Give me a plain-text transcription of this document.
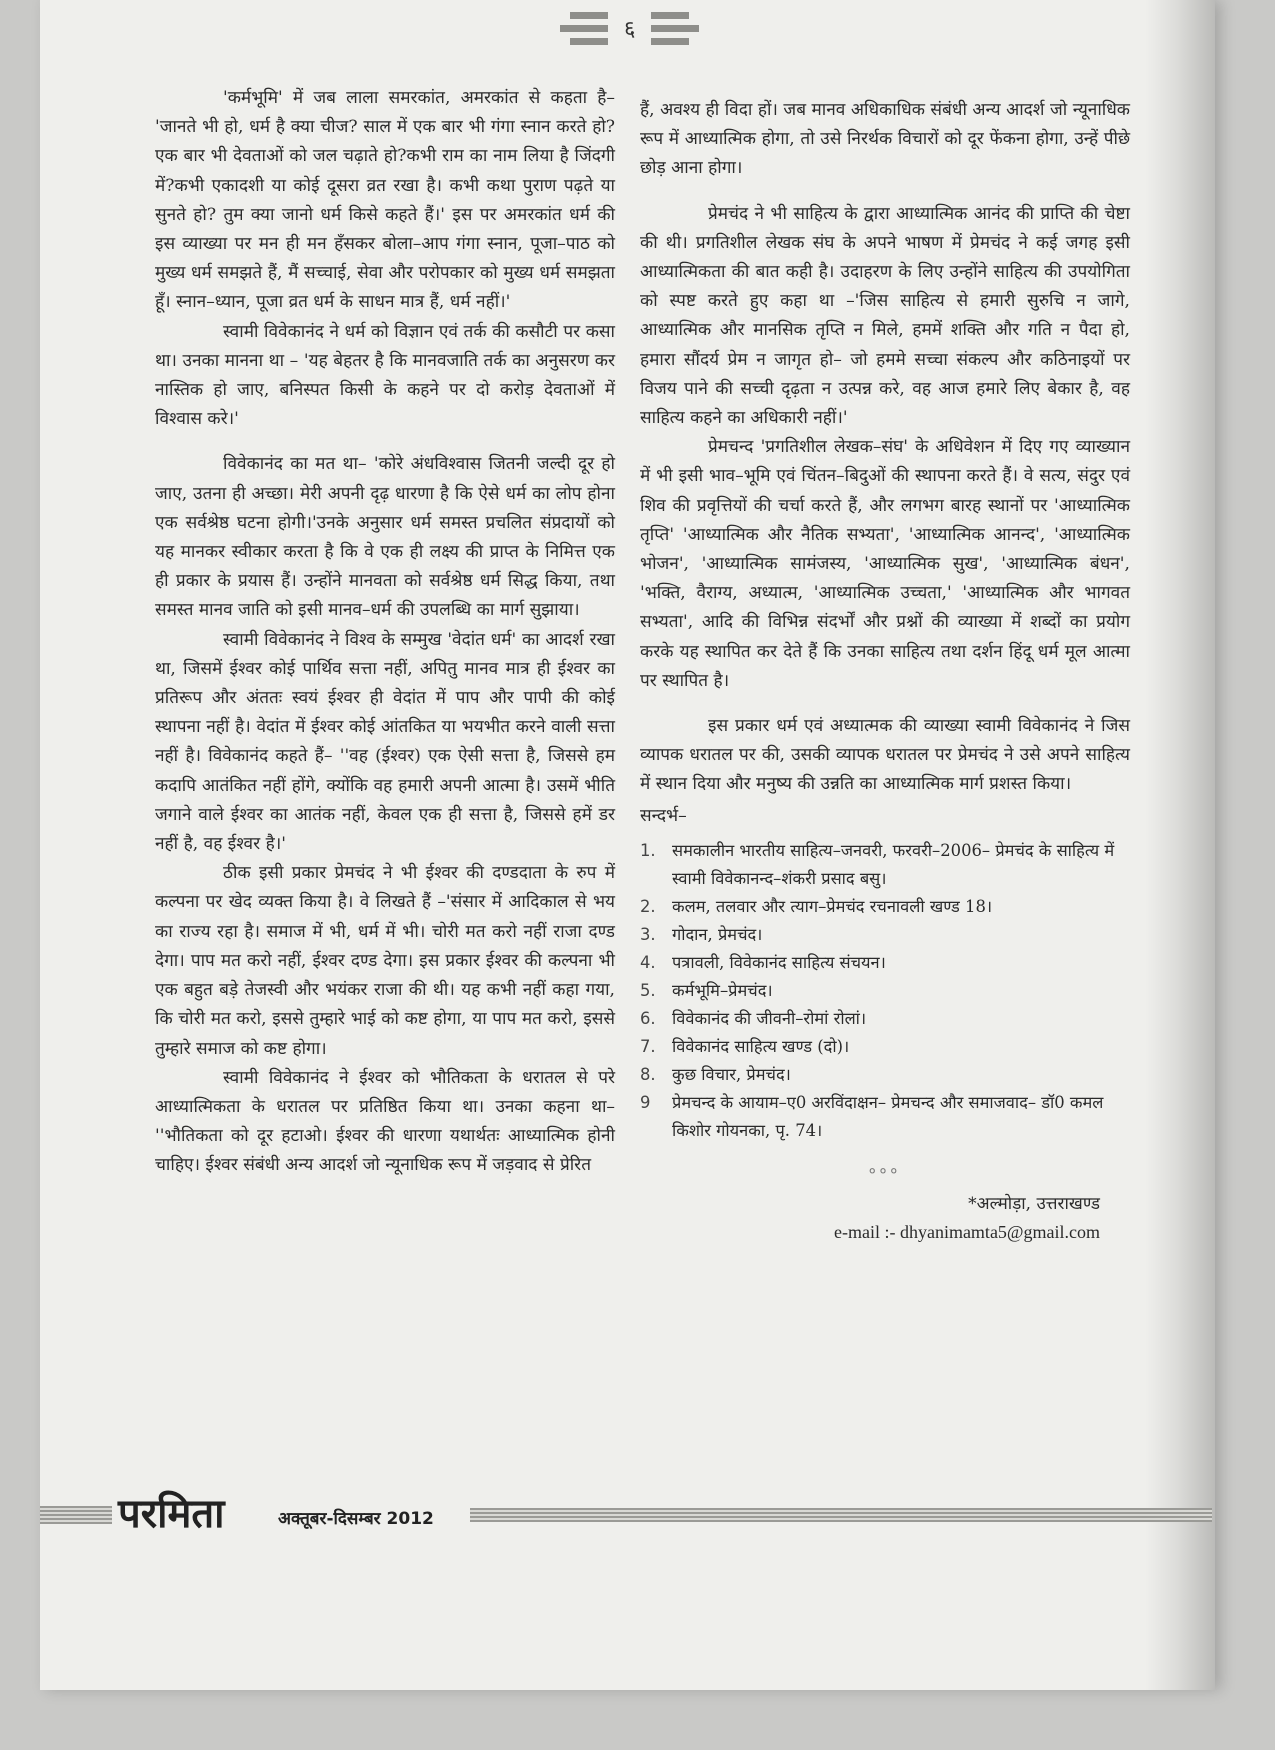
६

'कर्मभूमि' में जब लाला समरकांत, अमरकांत से कहता है– 'जानते भी हो, धर्म है क्या चीज? साल में एक बार भी गंगा स्नान करते हो?एक बार भी देवताओं को जल चढ़ाते हो?कभी राम का नाम लिया है जिंदगी में?कभी एकादशी या कोई दूसरा व्रत रखा है। कभी कथा पुराण पढ़ते या सुनते हो? तुम क्या जानो धर्म किसे कहते हैं।' इस पर अमरकांत धर्म की इस व्याख्या पर मन ही मन हँसकर बोला–आप गंगा स्नान, पूजा–पाठ को मुख्य धर्म समझते हैं, मैं सच्चाई, सेवा और परोपकार को मुख्य धर्म समझता हूँ। स्नान–ध्यान, पूजा व्रत धर्म के साधन मात्र हैं, धर्म नहीं।'

स्वामी विवेकानंद ने धर्म को विज्ञान एवं तर्क की कसौटी पर कसा था। उनका मानना था – 'यह बेहतर है कि मानवजाति तर्क का अनुसरण कर नास्तिक हो जाए, बनिस्पत किसी के कहने पर दो करोड़ देवताओं में विश्वास करे।'

विवेकानंद का मत था– 'कोरे अंधविश्वास जितनी जल्दी दूर हो जाए, उतना ही अच्छा। मेरी अपनी दृढ़ धारणा है कि ऐसे धर्म का लोप होना एक सर्वश्रेष्ठ घटना होगी।'उनके अनुसार धर्म समस्त प्रचलित संप्रदायों को यह मानकर स्वीकार करता है कि वे एक ही लक्ष्य की प्राप्त के निमित्त एक ही प्रकार के प्रयास हैं। उन्होंने मानवता को सर्वश्रेष्ठ धर्म सिद्ध किया, तथा समस्त मानव जाति को इसी मानव–धर्म की उपलब्धि का मार्ग सुझाया।

स्वामी विवेकानंद ने विश्व के सम्मुख 'वेदांत धर्म' का आदर्श रखा था, जिसमें ईश्वर कोई पार्थिव सत्ता नहीं, अपितु मानव मात्र ही ईश्वर का प्रतिरूप और अंततः स्वयं ईश्वर ही वेदांत में पाप और पापी की कोई स्थापना नहीं है। वेदांत में ईश्वर कोई आंतकित या भयभीत करने वाली सत्ता नहीं है। विवेकानंद कहते हैं– ''वह (ईश्वर) एक ऐसी सत्ता है, जिससे हम कदापि आतंकित नहीं होंगे, क्योंकि वह हमारी अपनी आत्मा है। उसमें भीति जगाने वाले ईश्वर का आतंक नहीं, केवल एक ही सत्ता है, जिससे हमें डर नहीं है, वह ईश्वर है।'

ठीक इसी प्रकार प्रेमचंद ने भी ईश्वर की दण्डदाता के रुप में कल्पना पर खेद व्यक्त किया है। वे लिखते हैं –'संसार में आदिकाल से भय का राज्य रहा है। समाज में भी, धर्म में भी। चोरी मत करो नहीं राजा दण्ड देगा। पाप मत करो नहीं, ईश्वर दण्ड देगा। इस प्रकार ईश्वर की कल्पना भी एक बहुत बड़े तेजस्वी और भयंकर राजा की थी। यह कभी नहीं कहा गया, कि चोरी मत करो, इससे तुम्हारे भाई को कष्ट होगा, या पाप मत करो, इससे तुम्हारे समाज को कष्ट होगा।

स्वामी विवेकानंद ने ईश्वर को भौतिकता के धरातल से परे आध्यात्मिकता के धरातल पर प्रतिष्ठित किया था। उनका कहना था– ''भौतिकता को दूर हटाओ। ईश्वर की धारणा यथार्थतः आध्यात्मिक होनी चाहिए। ईश्वर संबंधी अन्य आदर्श जो न्यूनाधिक रूप में जड़वाद से प्रेरित

हैं, अवश्य ही विदा हों। जब मानव अधिकाधिक संबंधी अन्य आदर्श जो न्यूनाधिक रूप में आध्यात्मिक होगा, तो उसे निरर्थक विचारों को दूर फेंकना होगा, उन्हें पीछे छोड़ आना होगा।

प्रेमचंद ने भी साहित्य के द्वारा आध्यात्मिक आनंद की प्राप्ति की चेष्टा की थी। प्रगतिशील लेखक संघ के अपने भाषण में प्रेमचंद ने कई जगह इसी आध्यात्मिकता की बात कही है। उदाहरण के लिए उन्होंने साहित्य की उपयोगिता को स्पष्ट करते हुए कहा था –'जिस साहित्य से हमारी सुरुचि न जागे, आध्यात्मिक और मानसिक तृप्ति न मिले, हममें शक्ति और गति न पैदा हो, हमारा सौंदर्य प्रेम न जागृत हो– जो हममे सच्चा संकल्प और कठिनाइयों पर विजय पाने की सच्ची दृढ़ता न उत्पन्न करे, वह आज हमारे लिए बेकार है, वह साहित्य कहने का अधिकारी नहीं।'

प्रेमचन्द 'प्रगतिशील लेखक–संघ' के अधिवेशन में दिए गए व्याख्यान में भी इसी भाव–भूमि एवं चिंतन–बिदुओं की स्थापना करते हैं। वे सत्य, संदुर एवं शिव की प्रवृत्तियों की चर्चा करते हैं, और लगभग बारह स्थानों पर 'आध्यात्मिक तृप्ति' 'आध्यात्मिक और नैतिक सभ्यता', 'आध्यात्मिक आनन्द', 'आध्यात्मिक भोजन', 'आध्यात्मिक सामंजस्य, 'आध्यात्मिक सुख', 'आध्यात्मिक बंधन', 'भक्ति, वैराग्य, अध्यात्म, 'आध्यात्मिक उच्चता,' 'आध्यात्मिक और भागवत सभ्यता', आदि की विभिन्न संदर्भों और प्रश्नों की व्याख्या में शब्दों का प्रयोग करके यह स्थापित कर देते हैं कि उनका साहित्य तथा दर्शन हिंदू धर्म मूल आत्मा पर स्थापित है।

इस प्रकार धर्म एवं अध्यात्मक की व्याख्या स्वामी विवेकानंद ने जिस व्यापक धरातल पर की, उसकी व्यापक धरातल पर प्रेमचंद ने उसे अपने साहित्य में स्थान दिया और मनुष्य की उन्नति का आध्यात्मिक मार्ग प्रशस्त किया।

सन्दर्भ–
1. समकालीन भारतीय साहित्य–जनवरी, फरवरी–2006– प्रेमचंद के साहित्य में स्वामी विवेकानन्द–शंकरी प्रसाद बसु।
2. कलम, तलवार और त्याग–प्रेमचंद रचनावली खण्ड 18।
3. गोदान, प्रेमचंद।
4. पत्रावली, विवेकानंद साहित्य संचयन।
5. कर्मभूमि–प्रेमचंद।
6. विवेकानंद की जीवनी–रोमां रोलां।
7. विवेकानंद साहित्य खण्ड (दो)।
8. कुछ विचार, प्रेमचंद।
9	प्रेमचन्द के आयाम–ए0 अरविंदाक्षन– प्रेमचन्द और समाजवाद– डॉ0 कमल किशोर गोयनका, पृ. 74।
०००
*अल्मोड़ा, उत्तराखण्ड
e-mail :- dhyanimamta5@gmail.com
परमिता	अक्तूबर-दिसम्बर 2012
